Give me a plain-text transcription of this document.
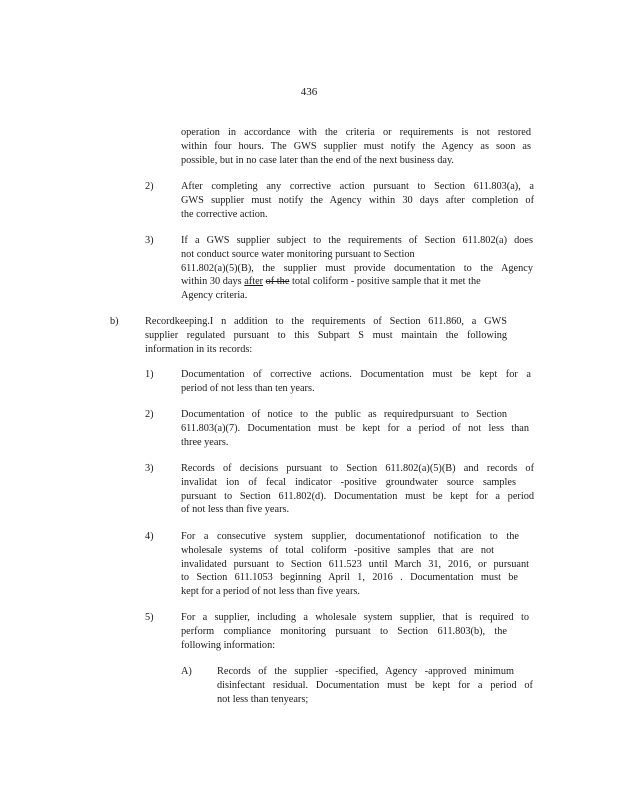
436
operation in accordance with the criteria or requirements is not restored
within four hours. The GWS supplier must notify the Agency as soon as
possible, but in no case later than the end of the next business day.
2)	After completing any corrective action pursuant to Section 611.803(a), a
GWS supplier must notify the Agency within 30 days after completion of
the corrective action.
3)	If a GWS supplier subject to the requirements of Section 611.802(a) does
not conduct source water monitoring pursuant to Section
611.802(a)(5)(B), the supplier must provide documentation to the Agency
within 30 days after of the total coliform - positive sample that it met the
Agency criteria.
b)	Recordkeeping.I n addition to the requirements of Section 611.860, a GWS
supplier regulated pursuant to this Subpart S must maintain the following
information in its records:
1)	Documentation of corrective actions. Documentation must be kept for a
period of not less than ten years.
2)	Documentation of notice to the public as requiredpursuant to Section
611.803(a)(7). Documentation must be kept for a period of not less than
three years.
3)	Records of decisions pursuant to Section 611.802(a)(5)(B) and records of
invalidat ion of fecal indicator -positive groundwater source samples
pursuant to Section 611.802(d). Documentation must be kept for a period
of not less than five years.
4)	For a consecutive system supplier, documentationof notification to the
wholesale systems of total coliform -positive samples that are not
invalidated pursuant to Section 611.523 until March 31, 2016, or pursuant
to Section 611.1053 beginning April 1, 2016 . Documentation must be
kept for a period of not less than five years.
5)	For a supplier, including a wholesale system supplier, that is required to
perform compliance monitoring pursuant to Section 611.803(b), the
following information:
A) Records of the supplier -specified, Agency -approved minimum
disinfectant residual. Documentation must be kept for a period of
not less than tenyears;
